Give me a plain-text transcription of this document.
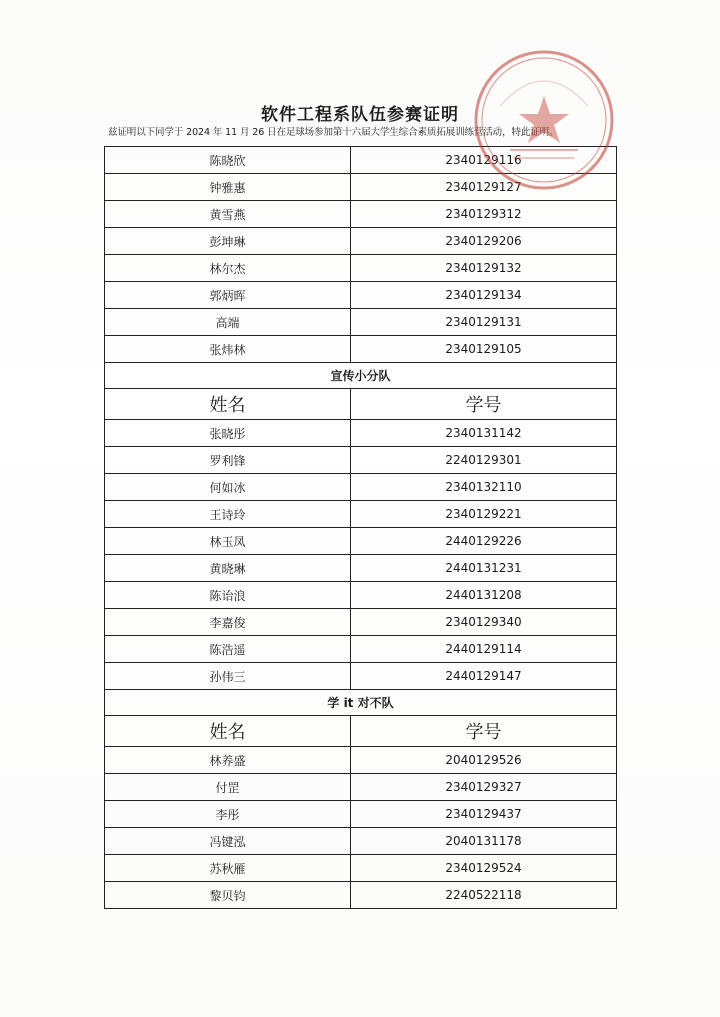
软件工程系队伍参赛证明
兹证明以下同学于 2024 年 11 月 26 日在足球场参加第十六届大学生综合素质拓展训练营活动，特此证明。
陈晓欣	2340129116
钟雅惠	2340129127
黄雪燕	2340129312
彭坤琳	2340129206
林尔杰	2340129132
郭炳晖	2340129134
高端	2340129131
张炜林	2340129105
宣传小分队	
姓名	学号
张晓彤	2340131142
罗利锋	2240129301
何如冰	2340132110
王诗玲	2340129221
林玉凤	2440129226
黄晓琳	2440131231
陈诒浪	2440131208
李嘉俊	2340129340
陈浩遥	2440129114
孙伟三	2440129147
学 it 对不队	
姓名	学号
林养盛	2040129526
付罡	2340129327
李彤	2340129437
冯键泓	2040131178
苏秋雁	2340129524
黎贝钧	2240522118
